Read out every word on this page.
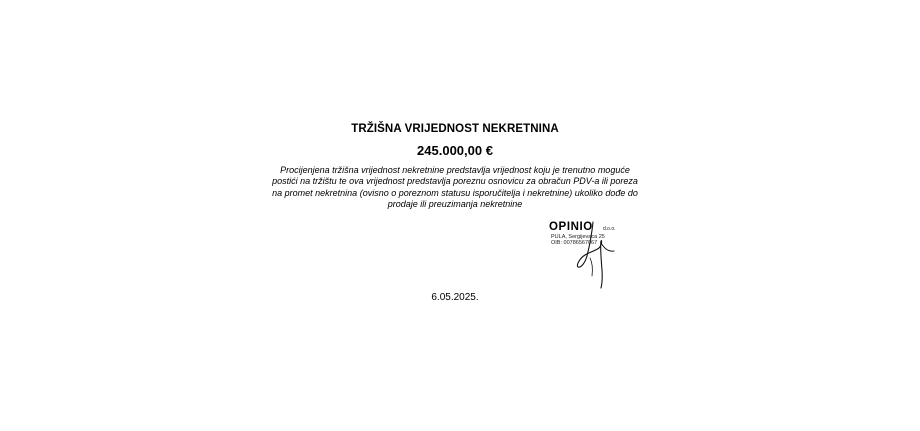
TRŽIŠNA VRIJEDNOST NEKRETNINA
245.000,00 €
Procijenjena tržišna vrijednost nekretnine predstavlja vrijednost koju je trenutno moguće postići na tržištu te ova vrijednost predstavlja poreznu osnovicu za obračun PDV-a ili poreza na promet nekretnina (ovisno o poreznom statusu isporučitelja i nekretnine) ukoliko dođe do prodaje ili preuzimanja nekretnine
OPINIO d.o.o.
PULA, Sergijevaca 25
OIB: 00786567067
6.05.2025.
